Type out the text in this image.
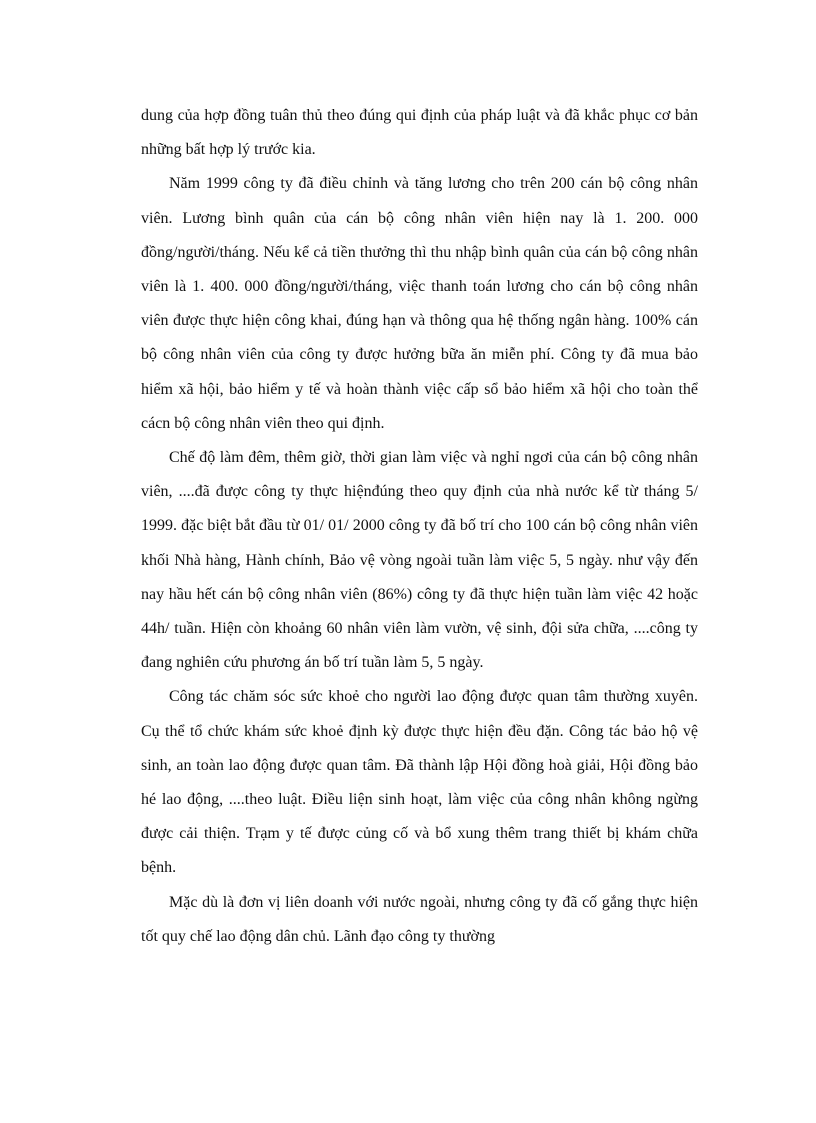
dung của hợp đồng tuân thủ theo đúng qui định của pháp luật và đã khắc phục cơ bản những bất hợp lý trước kia.

Năm 1999 công ty đã điều chỉnh và tăng lương cho trên 200 cán bộ công nhân viên. Lương bình quân của cán bộ công nhân viên hiện nay là 1. 200. 000 đồng/người/tháng. Nếu kể cả tiền thưởng thì thu nhập bình quân của cán bộ công nhân viên là 1. 400. 000 đồng/người/tháng, việc thanh toán lương cho cán bộ công nhân viên được thực hiện công khai, đúng hạn và thông qua hệ thống ngân hàng. 100% cán bộ công nhân viên của công ty được hưởng bữa ăn miễn phí. Công ty đã mua bảo hiểm xã hội, bảo hiểm y tế và hoàn thành việc cấp sổ bảo hiểm xã hội cho toàn thể cácn bộ công nhân viên theo qui định.

Chế độ làm đêm, thêm giờ, thời gian làm việc và nghỉ ngơi của cán bộ công nhân viên, ....đã được công ty thực hiệnđúng theo quy định của nhà nước kể từ tháng 5/ 1999. đặc biệt bắt đầu từ 01/ 01/ 2000 công ty đã bố trí cho 100 cán bộ công nhân viên khối Nhà hàng, Hành chính, Bảo vệ vòng ngoài tuần làm việc 5, 5 ngày. như vậy đến nay hầu hết cán bộ công nhân viên (86%) công ty đã thực hiện tuần làm việc 42 hoặc 44h/ tuần. Hiện còn khoảng 60 nhân viên làm vườn, vệ sinh, đội sửa chữa, ....công ty đang nghiên cứu phương án bố trí tuần làm 5, 5 ngày.

Công tác chăm sóc sức khoẻ cho người lao động được quan tâm thường xuyên. Cụ thể tổ chức khám sức khoẻ định kỳ được thực hiện đều đặn. Công tác bảo hộ vệ sinh, an toàn lao động được quan tâm. Đã thành lập Hội đồng hoà giải, Hội đồng bảo hé lao động, ....theo luật. Điều liện sinh hoạt, làm việc của công nhân không ngừng được cải thiện. Trạm y tế được củng cố và bổ xung thêm trang thiết bị khám chữa bệnh.

Mặc dù là đơn vị liên doanh với nước ngoài, nhưng công ty đã cố gắng thực hiện tốt quy chế lao động dân chủ. Lãnh đạo công ty thường
